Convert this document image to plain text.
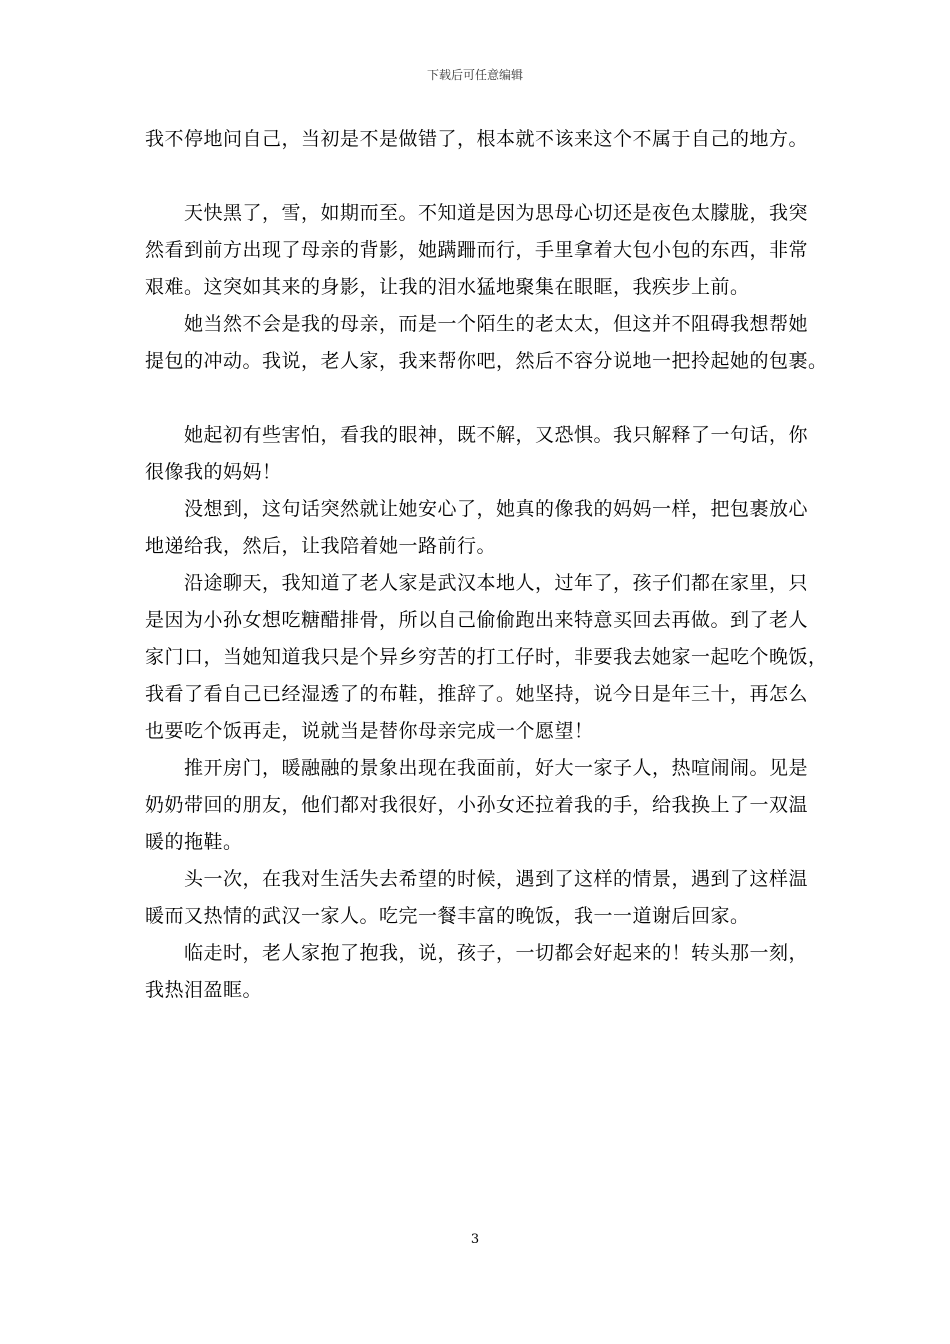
下载后可任意编辑

我不停地问自己，当初是不是做错了，根本就不该来这个不属于自己的地方。

天快黑了，雪，如期而至。不知道是因为思母心切还是夜色太朦胧，我突
然看到前方出现了母亲的背影，她蹒跚而行，手里拿着大包小包的东西，非常
艰难。这突如其来的身影，让我的泪水猛地聚集在眼眶，我疾步上前。

她当然不会是我的母亲，而是一个陌生的老太太，但这并不阻碍我想帮她
提包的冲动。我说，老人家，我来帮你吧，然后不容分说地一把拎起她的包裹。

她起初有些害怕，看我的眼神，既不解，又恐惧。我只解释了一句话，你
很像我的妈妈！

没想到，这句话突然就让她安心了，她真的像我的妈妈一样，把包裹放心
地递给我，然后，让我陪着她一路前行。

沿途聊天，我知道了老人家是武汉本地人，过年了，孩子们都在家里，只
是因为小孙女想吃糖醋排骨，所以自己偷偷跑出来特意买回去再做。到了老人
家门口，当她知道我只是个异乡穷苦的打工仔时，非要我去她家一起吃个晚饭，
我看了看自己已经湿透了的布鞋，推辞了。她坚持，说今日是年三十，再怎么
也要吃个饭再走，说就当是替你母亲完成一个愿望！

推开房门，暖融融的景象出现在我面前，好大一家子人，热喧闹闹。见是
奶奶带回的朋友，他们都对我很好，小孙女还拉着我的手，给我换上了一双温
暖的拖鞋。

头一次，在我对生活失去希望的时候，遇到了这样的情景，遇到了这样温
暖而又热情的武汉一家人。吃完一餐丰富的晚饭，我一一道谢后回家。

临走时，老人家抱了抱我，说，孩子，一切都会好起来的！转头那一刻，
我热泪盈眶。

3
